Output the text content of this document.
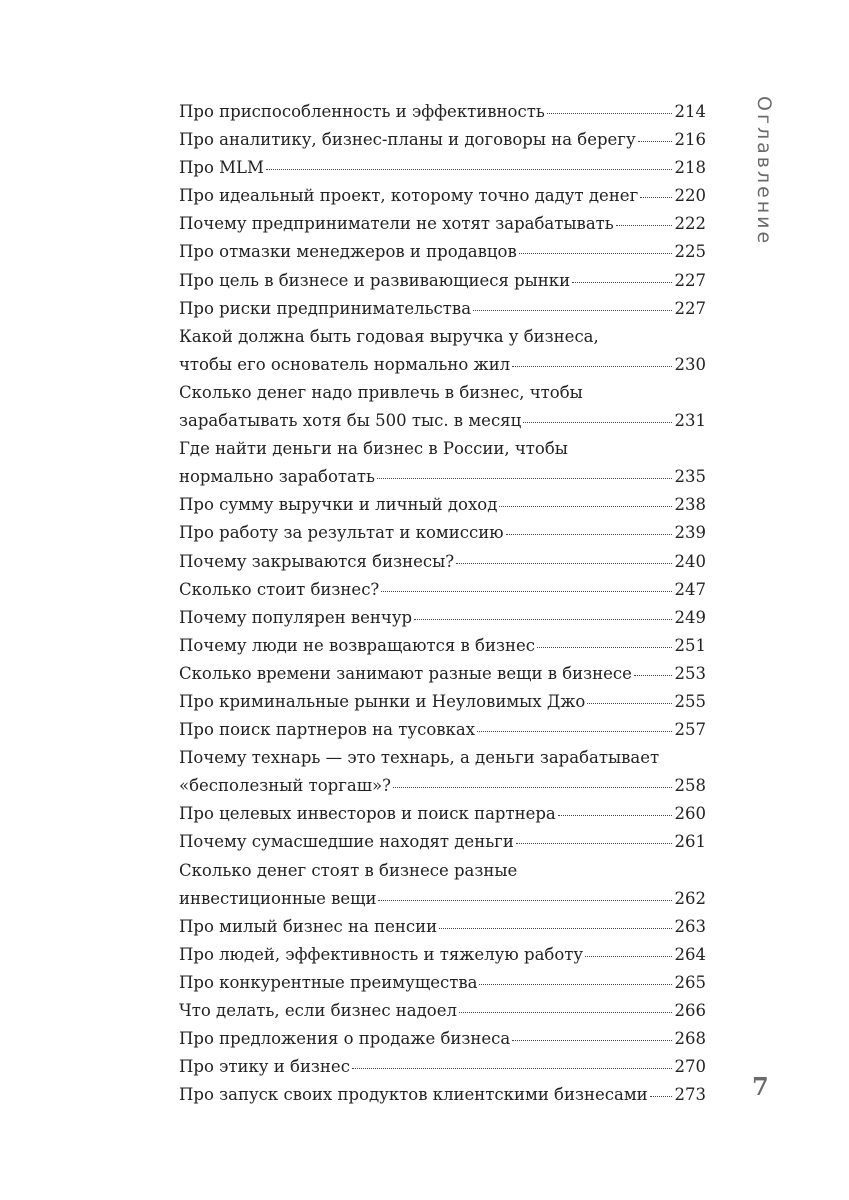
Про приспособленность и эффективность	214
Про аналитику, бизнес-планы и договоры на берегу 216
Про MLM	218
Про идеальный проект, которому точно дадут денег 220
Почему предприниматели не хотят зарабатывать	222
Про отмазки менеджеров и продавцов	225
Про цель в бизнесе и развивающиеся рынки	227
Про риски предпринимательства	227
Какой должна быть годовая выручка у бизнеса,
чтобы его основатель нормально жил	230
Сколько денег надо привлечь в бизнес, чтобы
зарабатывать хотя бы 500 тыс. в месяц	231
Где найти деньги на бизнес в России, чтобы
нормально заработать	235
Про сумму выручки и личный доход	238
Про работу за результат и комиссию	239
Почему закрываются бизнесы?	240
Сколько стоит бизнес?	247
Почему популярен венчур	249
Почему люди не возвращаются в бизнес	251
Сколько времени занимают разные вещи в бизнесе	253
Про криминальные рынки и Неуловимых Джо	255
Про поиск партнеров на тусовках	257
Почему технарь — это технарь, а деньги зарабатывает
«бесполезный торгаш»?	258
Про целевых инвесторов и поиск партнера	260
Почему сумасшедшие находят деньги	261
Сколько денег стоят в бизнесе разные
инвестиционные вещи	262
Про милый бизнес на пенсии	263
Про людей, эффективность и тяжелую работу	264
Про конкурентные преимущества	265
Что делать, если бизнес надоел	266
Про предложения о продаже бизнеса	268
Про этику и бизнес	270
Про запуск своих продуктов клиентскими бизнесами 273
Оглавление
7
